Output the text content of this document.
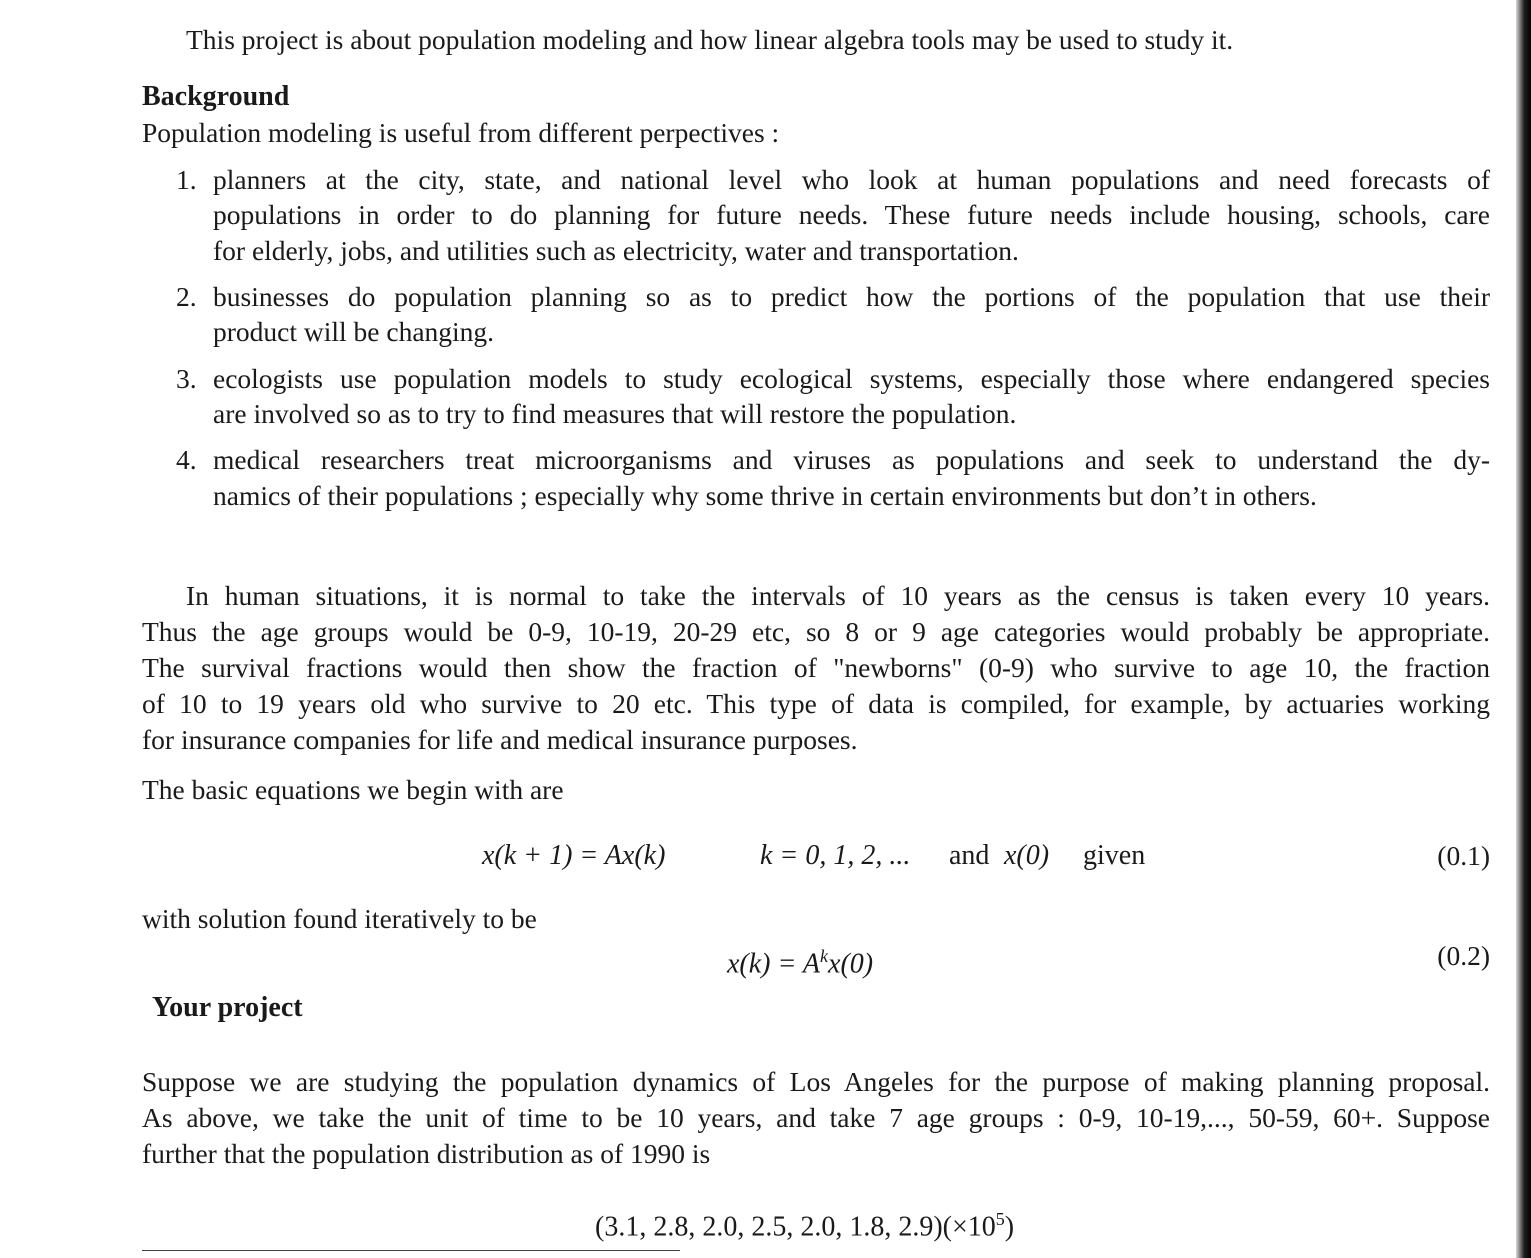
This project is about population modeling and how linear algebra tools may be used to study it.
Background
Population modeling is useful from different perpectives :
1. planners at the city, state, and national level who look at human populations and need forecasts of
populations in order to do planning for future needs. These future needs include housing, schools, care
for elderly, jobs, and utilities such as electricity, water and transportation.
2. businesses do population planning so as to predict how the portions of the population that use their
product will be changing.
3. ecologists use population models to study ecological systems, especially those where endangered species
are involved so as to try to find measures that will restore the population.
4. medical researchers treat microorganisms and viruses as populations and seek to understand the dy-
namics of their populations ; especially why some thrive in certain environments but don’t in others.
In human situations, it is normal to take the intervals of 10 years as the census is taken every 10 years.
Thus the age groups would be 0-9, 10-19, 20-29 etc, so 8 or 9 age categories would probably be appropriate.
The survival fractions would then show the fraction of "newborns" (0-9) who survive to age 10, the fraction
of 10 to 19 years old who survive to 20 etc. This type of data is compiled, for example, by actuaries working
for insurance companies for life and medical insurance purposes.
The basic equations we begin with are
x(k + 1) = Ax(k)	k = 0, 1, 2, ... and x(0) given	(0.1)
with solution found iteratively to be
$x(k) = A^kx(0)$	(0.2)
Your project
Suppose we are studying the population dynamics of Los Angeles for the purpose of making planning proposal.
As above, we take the unit of time to be 10 years, and take 7 age groups : 0-9, 10-19,..., 50-59, 60+. Suppose
further that the population distribution as of 1990 is
(3.1, 2.8, 2.0, 2.5, 2.0, 1.8, $2.9)(\times 10^5)$
